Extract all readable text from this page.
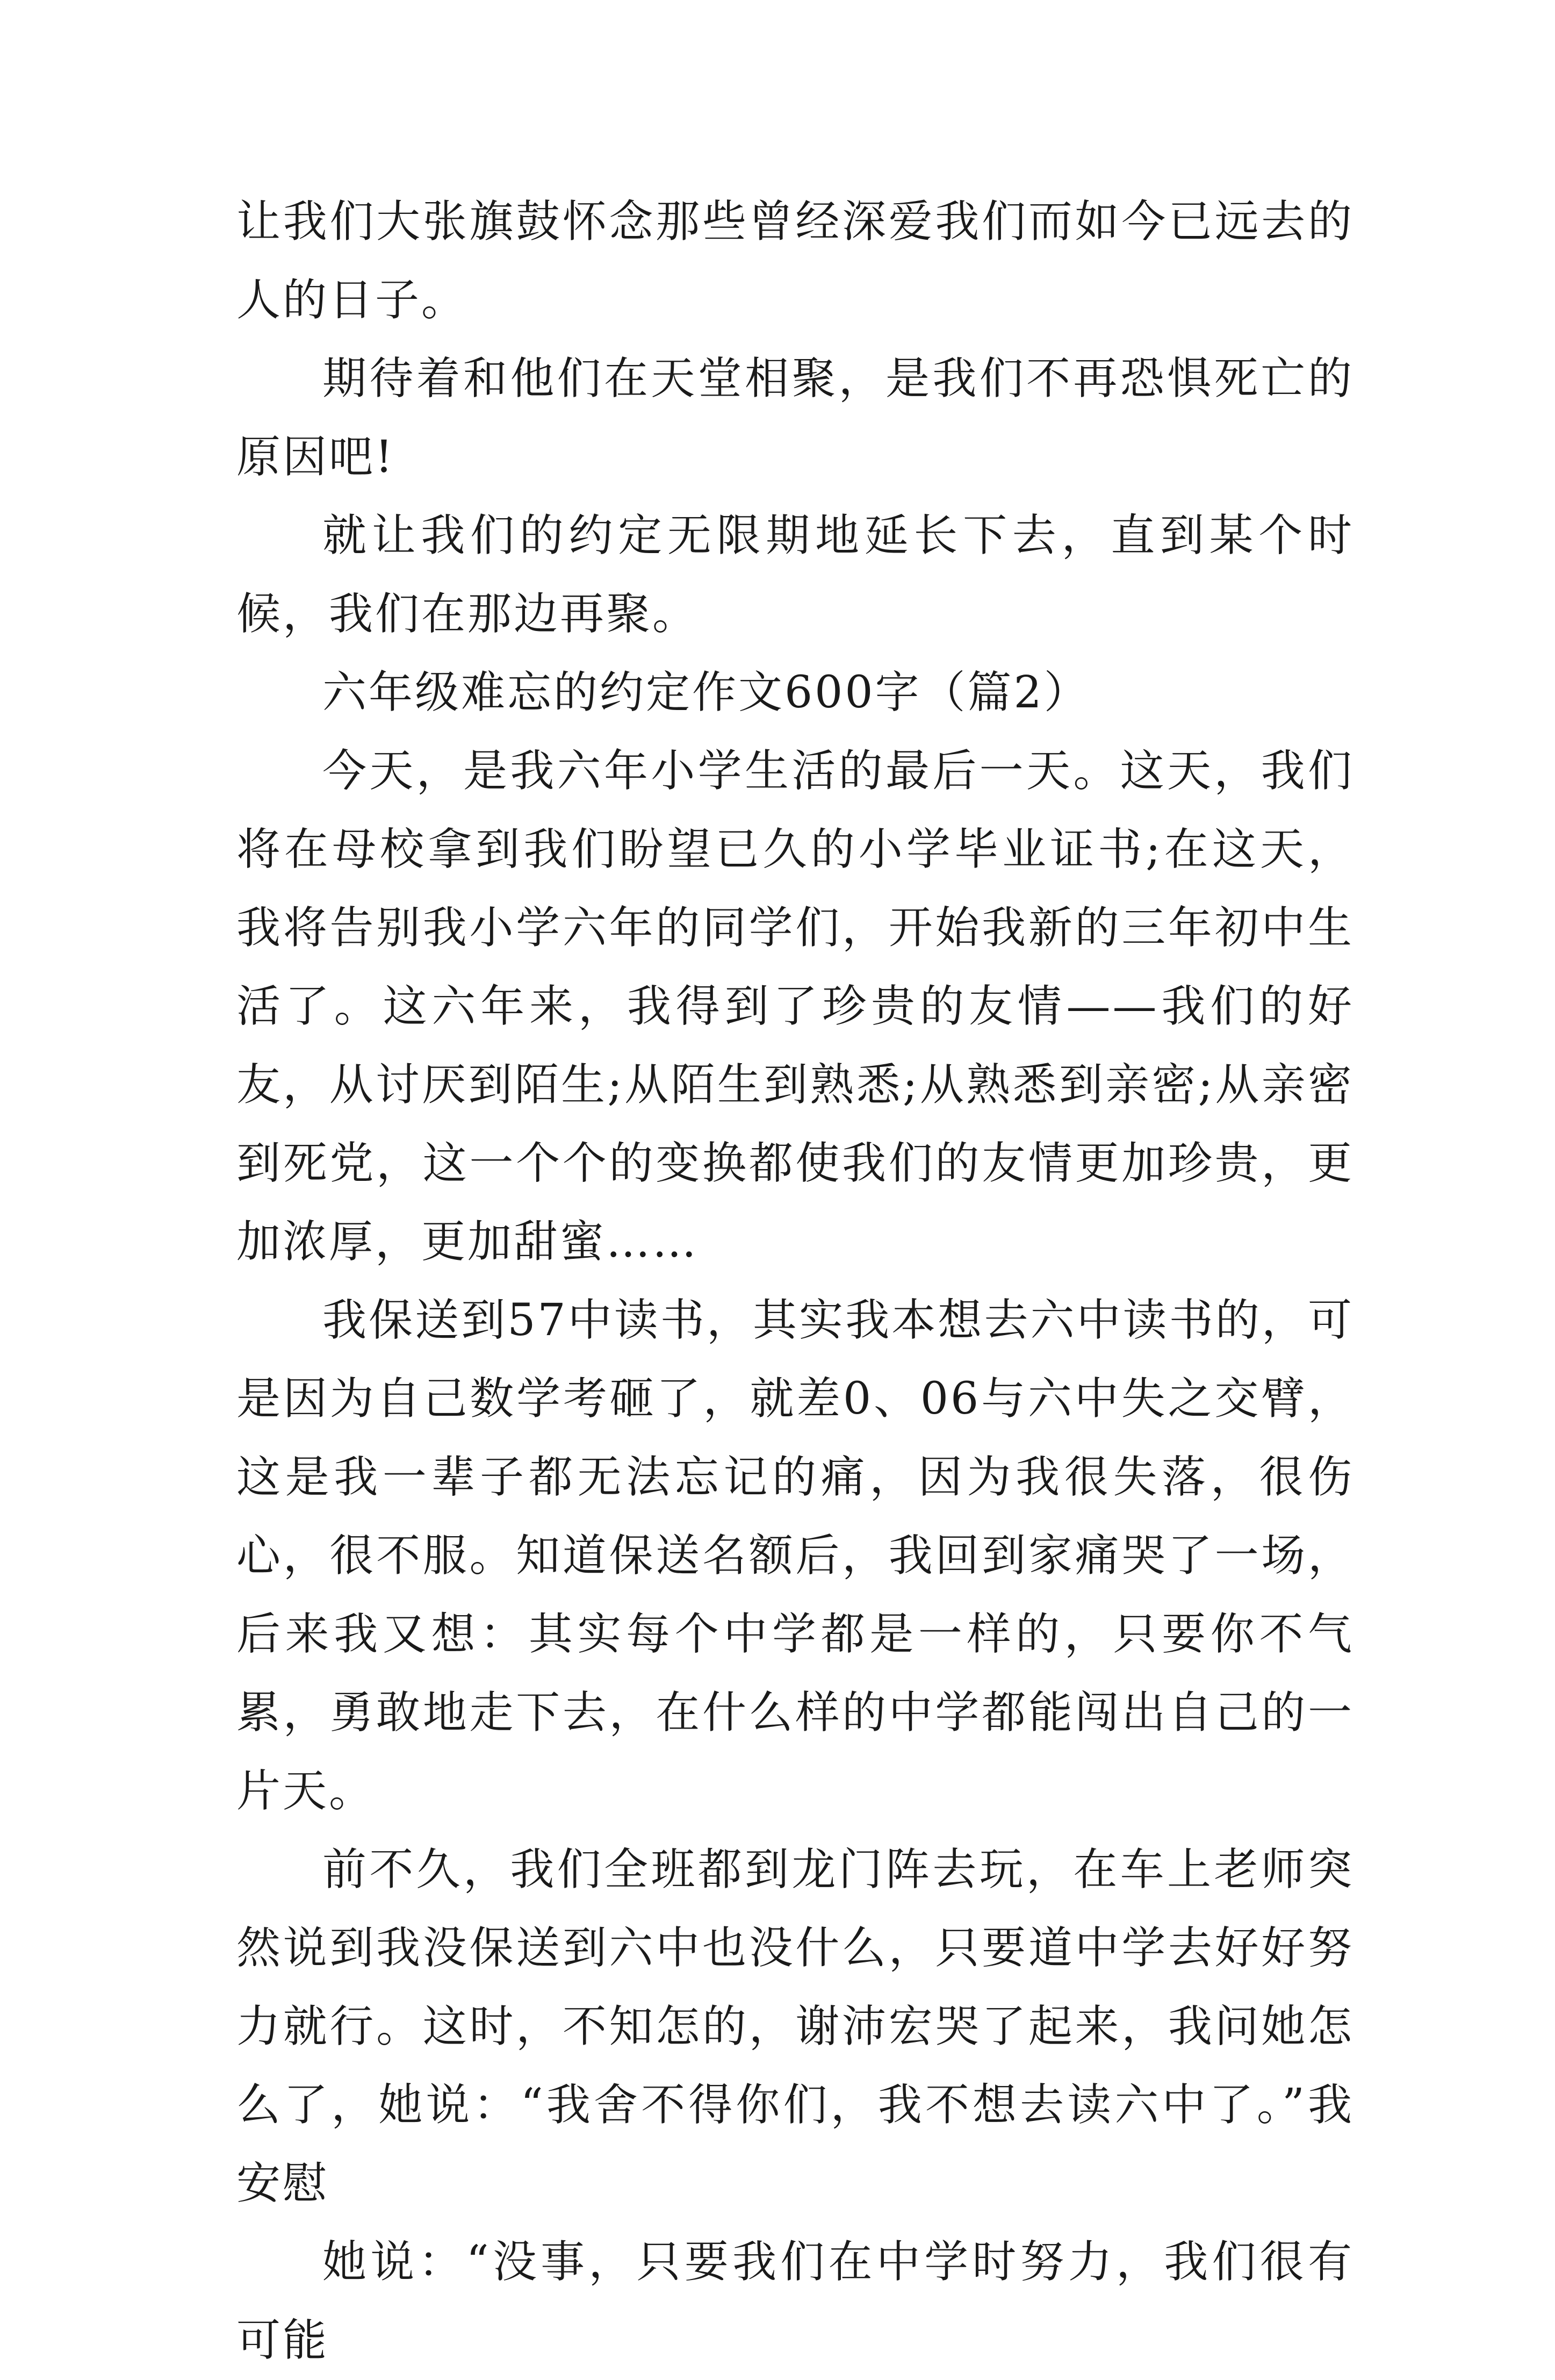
让我们大张旗鼓怀念那些曾经深爱我们而如今已远去的人的日子。

期待着和他们在天堂相聚，是我们不再恐惧死亡的原因吧!

就让我们的约定无限期地延长下去，直到某个时候，我们在那边再聚。

六年级难忘的约定作文600字（篇2）

今天，是我六年小学生活的最后一天。这天，我们将在母校拿到我们盼望已久的小学毕业证书;在这天，我将告别我小学六年的同学们，开始我新的三年初中生活了。这六年来，我得到了珍贵的友情——我们的好友，从讨厌到陌生;从陌生到熟悉;从熟悉到亲密;从亲密到死党，这一个个的变换都使我们的友情更加珍贵，更加浓厚，更加甜蜜……

我保送到57中读书，其实我本想去六中读书的，可是因为自己数学考砸了，就差0、06与六中失之交臂，这是我一辈子都无法忘记的痛，因为我很失落，很伤心，很不服。知道保送名额后，我回到家痛哭了一场，后来我又想：其实每个中学都是一样的，只要你不气累，勇敢地走下去，在什么样的中学都能闯出自己的一片天。

前不久，我们全班都到龙门阵去玩，在车上老师突然说到我没保送到六中也没什么，只要道中学去好好努力就行。这时，不知怎的，谢沛宏哭了起来，我问她怎么了，她说：“我舍不得你们，我不想去读六中了。”我安慰

她说：“没事，只要我们在中学时努力，我们很有可能
